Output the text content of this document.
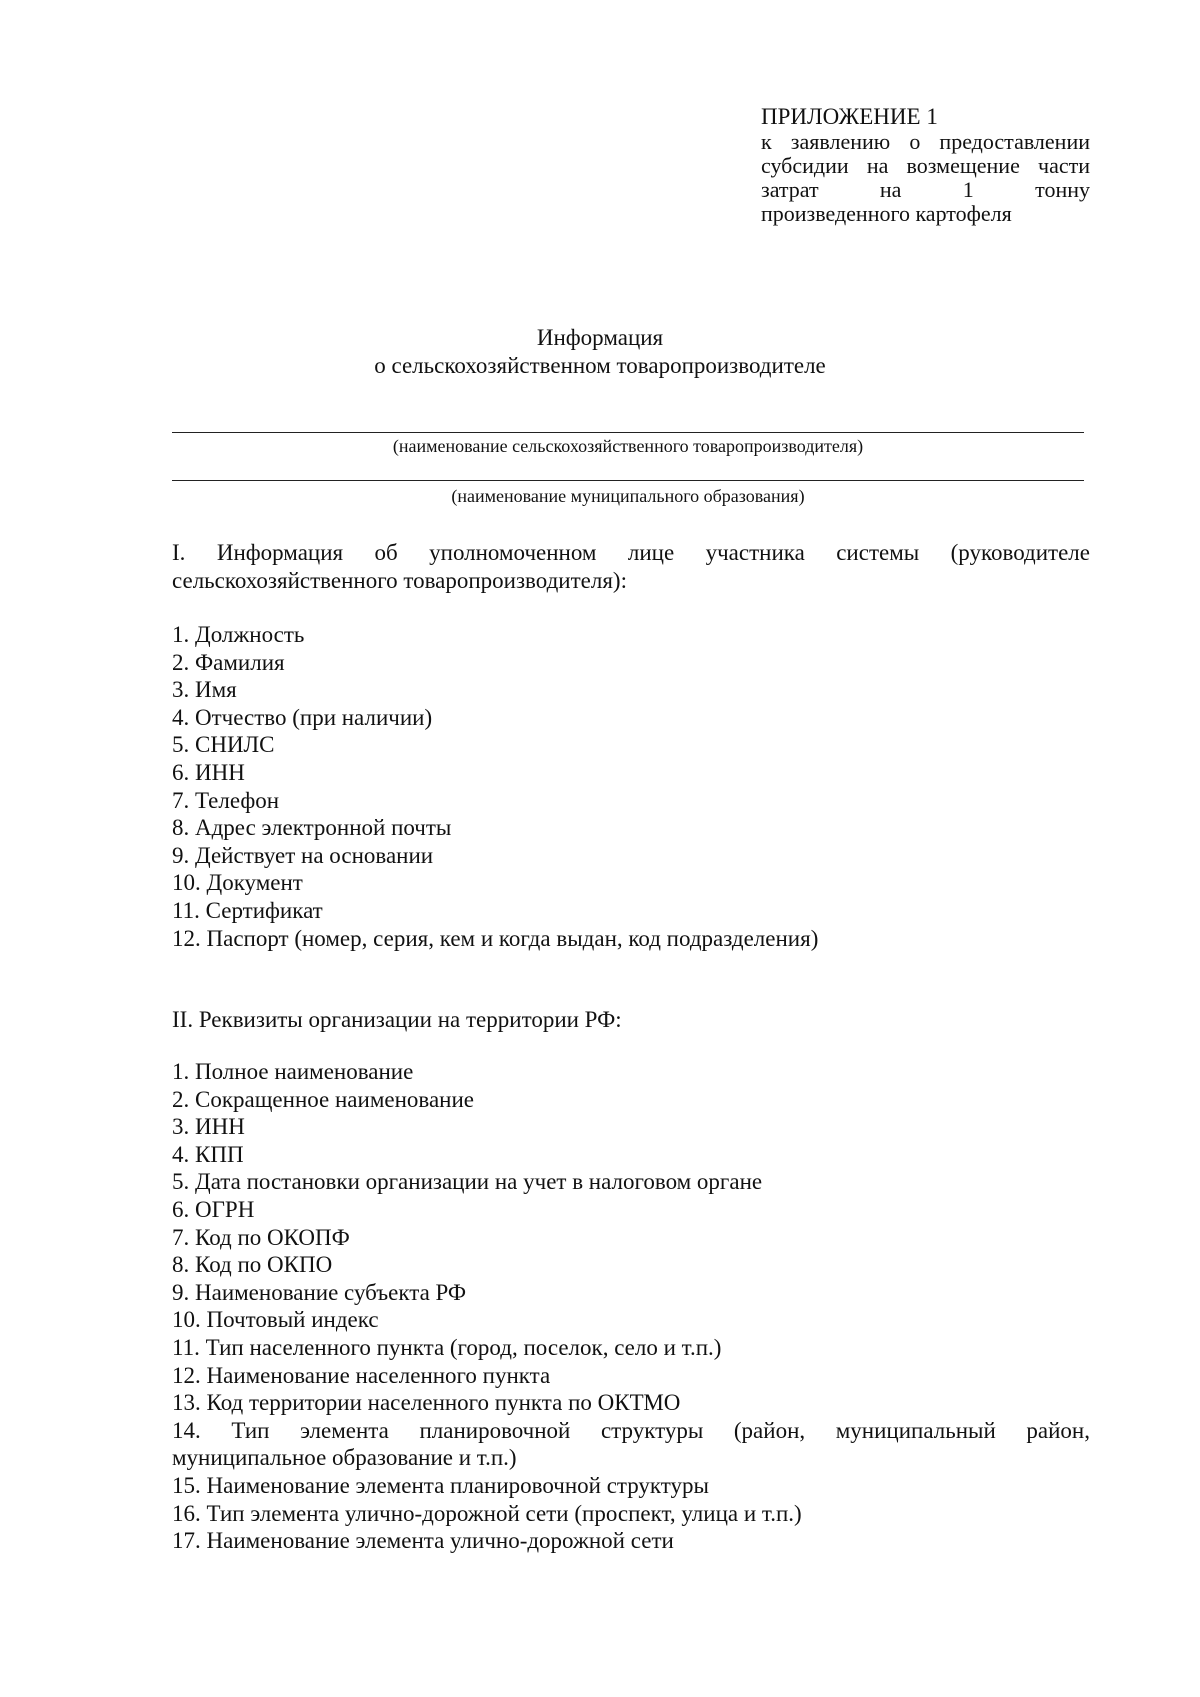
ПРИЛОЖЕНИЕ 1
к заявлению о предоставлении
субсидии на возмещение части
затрат на 1 тонну
произведенного картофеля
Информация
о сельскохозяйственном товаропроизводителе
(наименование сельскохозяйственного товаропроизводителя)
(наименование муниципального образования)
I. Информация об уполномоченном лице участника системы (руководителе
сельскохозяйственного товаропроизводителя):
1. Должность
2. Фамилия
3. Имя
4. Отчество (при наличии)
5. СНИЛС
6. ИНН
7. Телефон
8. Адрес электронной почты
9. Действует на основании
10. Документ
11. Сертификат
12. Паспорт (номер, серия, кем и когда выдан, код подразделения)
II. Реквизиты организации на территории РФ:
1. Полное наименование
2. Сокращенное наименование
3. ИНН
4. КПП
5. Дата постановки организации на учет в налоговом органе
6. ОГРН
7. Код по ОКОПФ
8. Код по ОКПО
9. Наименование субъекта РФ
10. Почтовый индекс
11. Тип населенного пункта (город, поселок, село и т.п.)
12. Наименование населенного пункта
13. Код территории населенного пункта по ОКТМО
14. Тип элемента планировочной структуры (район, муниципальный район,
муниципальное образование и т.п.)
15. Наименование элемента планировочной структуры
16. Тип элемента улично-дорожной сети (проспект, улица и т.п.)
17. Наименование элемента улично-дорожной сети
